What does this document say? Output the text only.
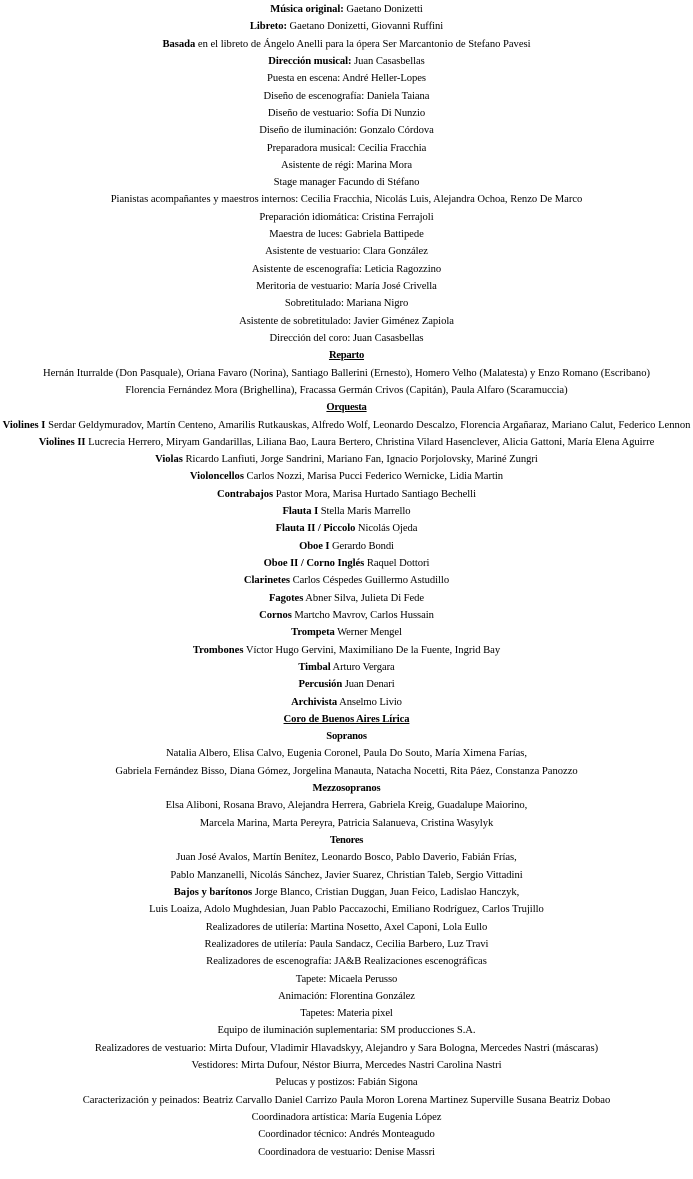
Música original: Gaetano Donizetti
Libreto: Gaetano Donizetti, Giovanni Ruffini
Basada en el libreto de Ángelo Anelli para la ópera Ser Marcantonio de Stefano Pavesi
Dirección musical: Juan Casasbellas
Puesta en escena: André Heller-Lopes
Diseño de escenografía: Daniela Taiana
Diseño de vestuario: Sofía Di Nunzio
Diseño de iluminación: Gonzalo Córdova
Preparadora musical: Cecilia Fracchia
Asistente de régi: Marina Mora
Stage manager Facundo di Stéfano
Pianistas acompañantes y maestros internos: Cecilia Fracchia, Nicolás Luis, Alejandra Ochoa, Renzo De Marco
Preparación idiomática: Cristina Ferrajoli
Maestra de luces: Gabriela Battipede
Asistente de vestuario: Clara González
Asistente de escenografía: Leticia Ragozzino
Meritoria de vestuario: María José Crivella
Sobretitulado: Mariana Nigro
Asistente de sobretitulado: Javier Giménez Zapiola
Dirección del coro: Juan Casasbellas
Reparto
Hernán Iturralde (Don Pasquale), Oriana Favaro (Norina), Santiago Ballerini (Ernesto), Homero Velho (Malatesta) y Enzo Romano (Escribano)
Florencia Fernández Mora (Brighellina), Fracassa Germán Crivos (Capitán), Paula Alfaro (Scaramuccia)
Orquesta
Violines I Serdar Geldymuradov, Martín Centeno, Amarilis Rutkauskas, Alfredo Wolf, Leonardo Descalzo, Florencia Argañaraz, Mariano Calut, Federico Lennon
Violines II Lucrecia Herrero, Miryam Gandarillas, Liliana Bao, Laura Bertero, Christina Vilard Hasenclever, Alicia Gattoni, María Elena Aguirre
Violas Ricardo Lanfiuti, Jorge Sandrini, Mariano Fan, Ignacio Porjolovsky, Mariné Zungri
Violoncellos Carlos Nozzi, Marisa Pucci Federico Wernicke, Lidia Martin
Contrabajos Pastor Mora, Marisa Hurtado Santiago Bechelli
Flauta I Stella Maris Marrello
Flauta II / Piccolo Nicolás Ojeda
Oboe I Gerardo Bondi
Oboe II / Corno Inglés Raquel Dottori
Clarinetes Carlos Céspedes Guillermo Astudillo
Fagotes Abner Silva, Julieta Di Fede
Cornos Martcho Mavrov, Carlos Hussain
Trompeta Werner Mengel
Trombones Víctor Hugo Gervini, Maximiliano De la Fuente, Ingrid Bay
Timbal Arturo Vergara
Percusión Juan Denari
Archivista Anselmo Livio
Coro de Buenos Aires Lírica
Sopranos
Natalia Albero, Elisa Calvo, Eugenia Coronel, Paula Do Souto, María Ximena Farías,
Gabriela Fernández Bisso, Diana Gómez, Jorgelina Manauta, Natacha Nocetti, Rita Páez, Constanza Panozzo
Mezzosopranos
Elsa Aliboni, Rosana Bravo, Alejandra Herrera, Gabriela Kreig, Guadalupe Maiorino,
Marcela Marina, Marta Pereyra, Patricia Salanueva, Cristina Wasylyk
Tenores
Juan José Avalos, Martín Benítez, Leonardo Bosco, Pablo Daverio, Fabián Frías,
Pablo Manzanelli, Nicolás Sánchez, Javier Suarez, Christian Taleb, Sergio Vittadini
Bajos y barítonos Jorge Blanco, Cristian Duggan, Juan Feico, Ladislao Hanczyk,
Luis Loaiza, Adolo Mughdesian, Juan Pablo Paccazochi, Emiliano Rodríguez, Carlos Trujillo
Realizadores de utilería: Martina Nosetto, Axel Caponi, Lola Eullo
Realizadores de utilería: Paula Sandacz, Cecilia Barbero, Luz Travi
Realizadores de escenografía: JA&B Realizaciones escenográficas
Tapete: Micaela Perusso
Animación: Florentina González
Tapetes: Materia pixel
Equipo de iluminación suplementaria: SM producciones S.A.
Realizadores de vestuario: Mirta Dufour, Vladimir Hlavadskyy, Alejandro y Sara Bologna, Mercedes Nastri (máscaras)
Vestidores: Mirta Dufour, Néstor Biurra, Mercedes Nastri Carolina Nastri
Pelucas y postizos: Fabián Sigona
Caracterización y peinados: Beatriz Carvallo Daniel Carrizo Paula Moron Lorena Martinez Superville Susana Beatriz Dobao
Coordinadora artística: María Eugenia López
Coordinador técnico: Andrés Monteagudo
Coordinadora de vestuario: Denise Massri
